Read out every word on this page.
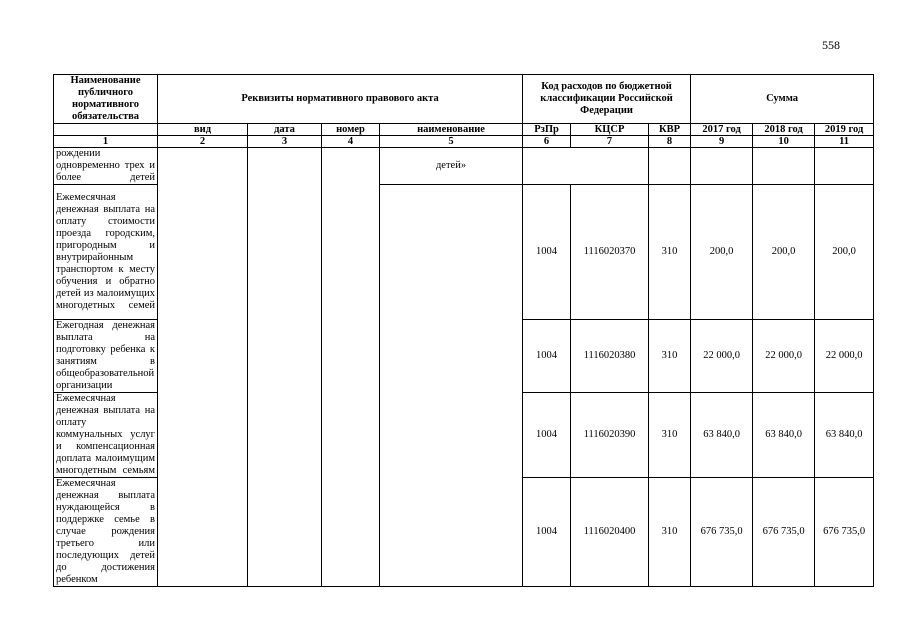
558
Наименование публичного нормативного обязательства	Реквизиты нормативного правового акта				Код расходов по бюджетной классификации Российской Федерации			Сумма		
	вид	дата	номер	наименование	РзПр	КЦСР	КВР	2017 год	2018 год	2019 год
1	2	3	4	5	6	7	8	9	10	11
рождении одновременно трех и более детей				детей»						
Ежемесячная денежная выплата на оплату стоимости проезда городским, пригородным и внутрирайонным транспортом к месту обучения и обратно детей из малоимущих многодетных семей					1004	1116020370	310	200,0	200,0	200,0
Ежегодная денежная выплата на подготовку ребенка к занятиям в общеобразовательной организации					1004	1116020380	310	22 000,0	22 000,0	22 000,0
Ежемесячная денежная выплата на оплату коммунальных услуг и компенсационная доплата малоимущим многодетным семьям					1004	1116020390	310	63 840,0	63 840,0	63 840,0
Ежемесячная денежная выплата нуждающейся в поддержке семье в случае рождения третьего или последующих детей до достижения ребенком					1004	1116020400	310	676 735,0	676 735,0	676 735,0
